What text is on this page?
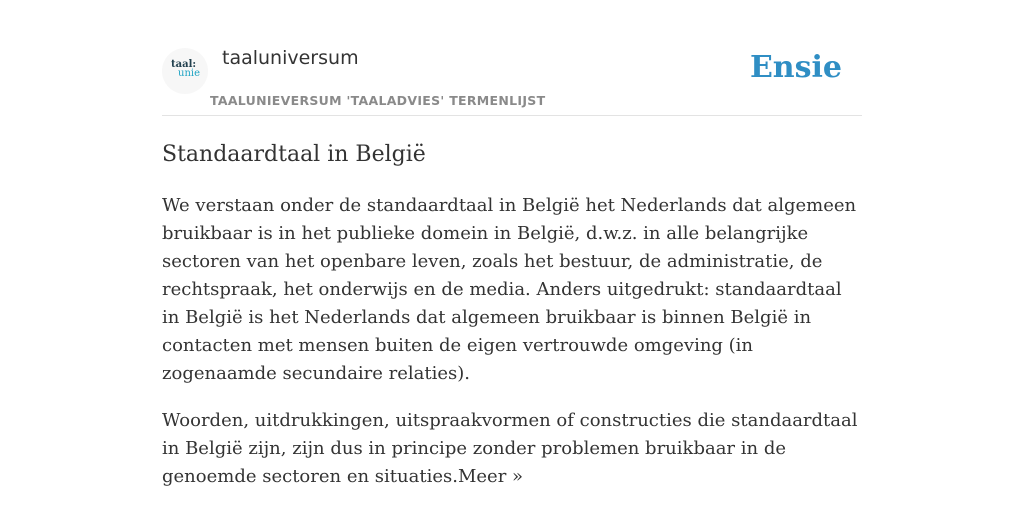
taal:
unie
taaluniversum
TAALUNIEVERSUM 'TAALADVIES' TERMENLIJST
Ensie
Standaardtaal in België

We verstaan onder de standaardtaal in België het Nederlands dat algemeen bruikbaar is in het publieke domein in België, d.w.z. in alle belangrijke sectoren van het openbare leven, zoals het bestuur, de administratie, de rechtspraak, het onderwijs en de media. Anders uitgedrukt: standaardtaal in België is het Nederlands dat algemeen bruikbaar is binnen België in contacten met mensen buiten de eigen vertrouwde omgeving (in zogenaamde secundaire relaties).

Woorden, uitdrukkingen, uitspraakvormen of constructies die standaardtaal in België zijn, zijn dus in principe zonder problemen bruikbaar in de genoemde sectoren en situaties.Meer »
